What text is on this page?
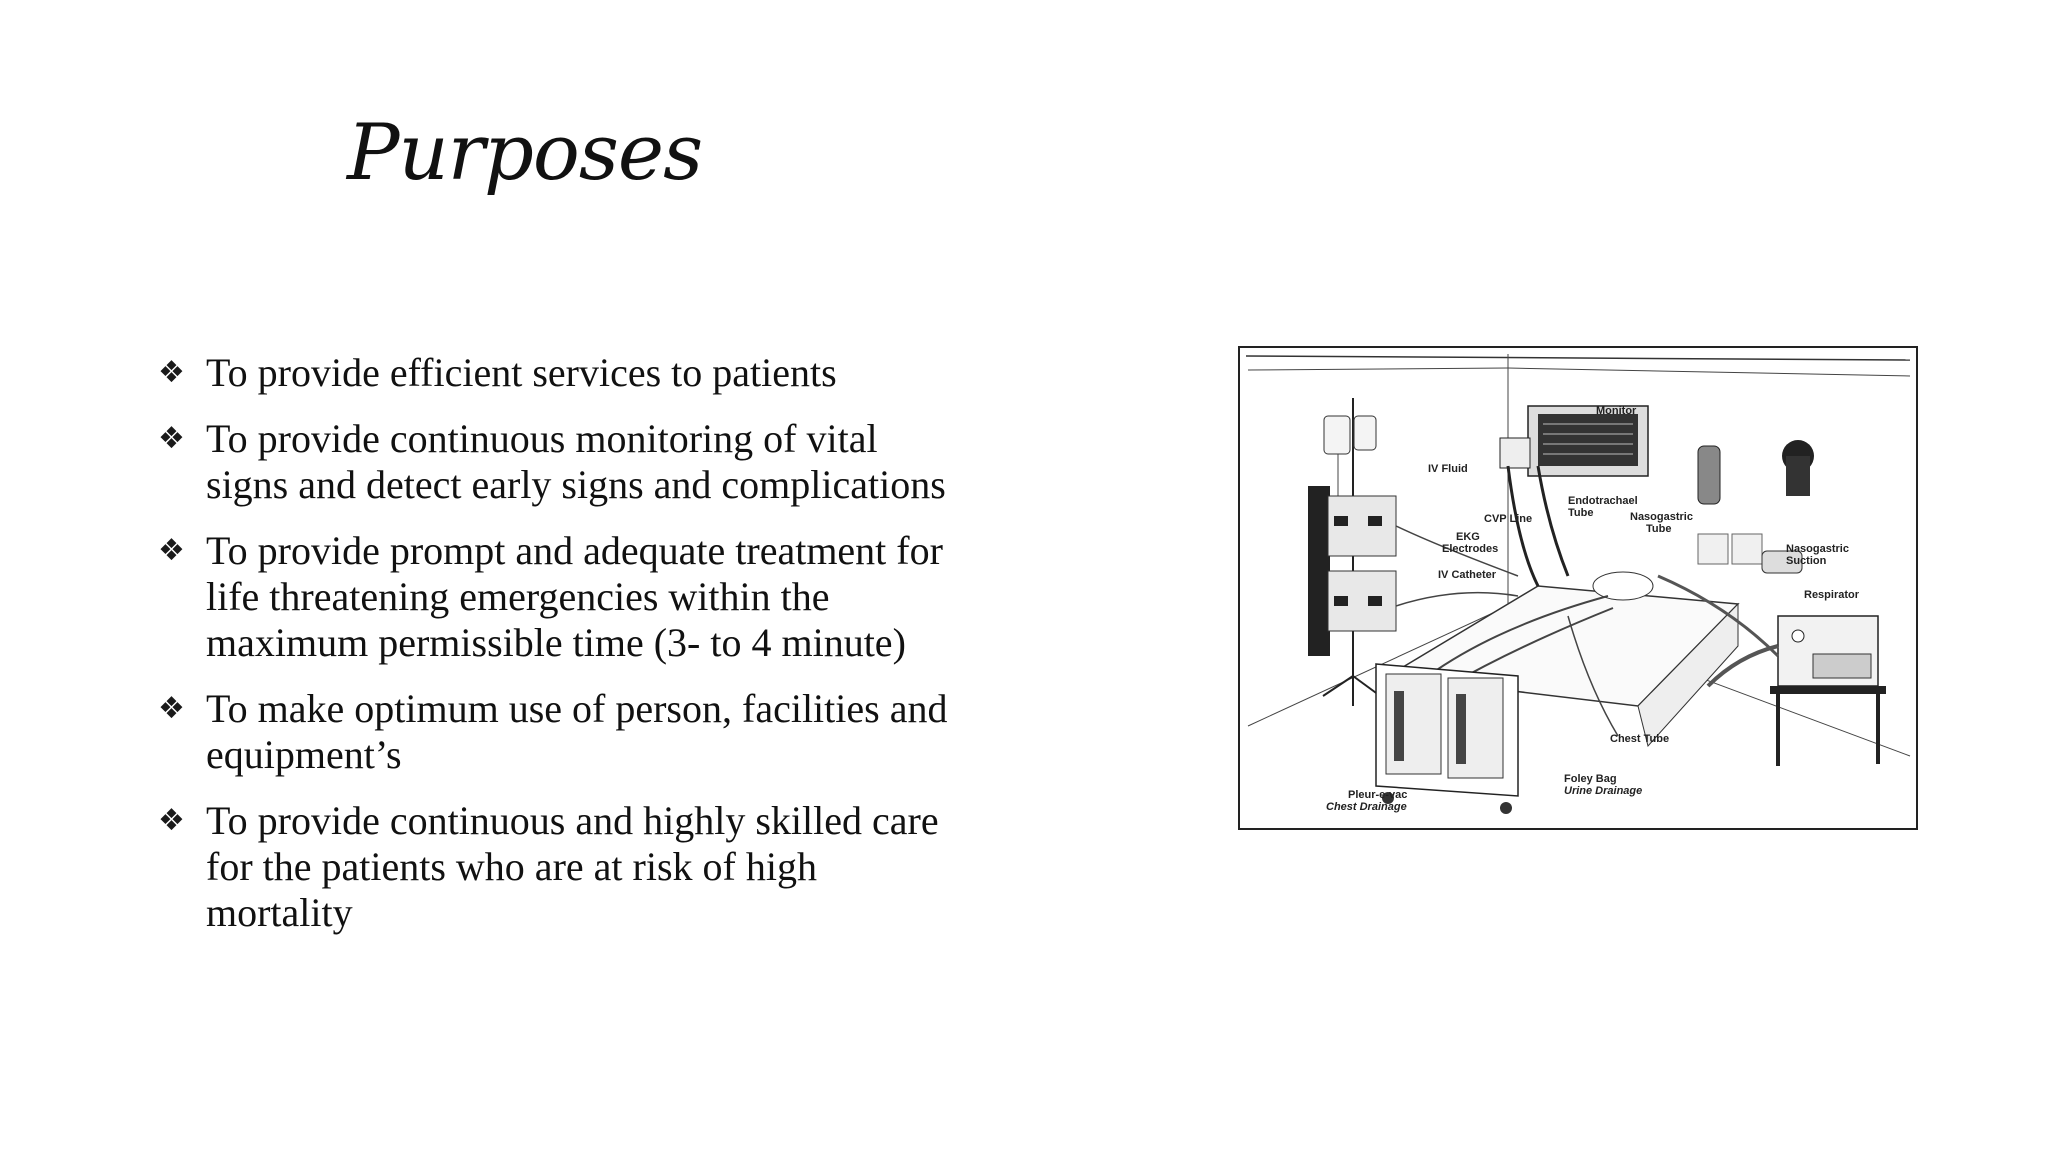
Purposes
❖ To provide efficient services to patients
❖ To provide continuous monitoring of vital signs and detect early signs and complications
❖ To provide prompt and adequate treatment for life threatening emergencies within the maximum permissible time (3- to 4 minute)
❖ To make optimum use of person, facilities and equipment’s
❖ To provide continuous and highly skilled care for the patients who are at risk of high mortality
Monitor
IV Fluid
CVP Line
EKG
Electrodes
IV Catheter
Endotrachael
Tube	Nasogastric
Tube
Nasogastric
Suction
Respirator
Chest Tube
Foley Bag
Urine Drainage
Pleur-e-vac
Chest Drainage
